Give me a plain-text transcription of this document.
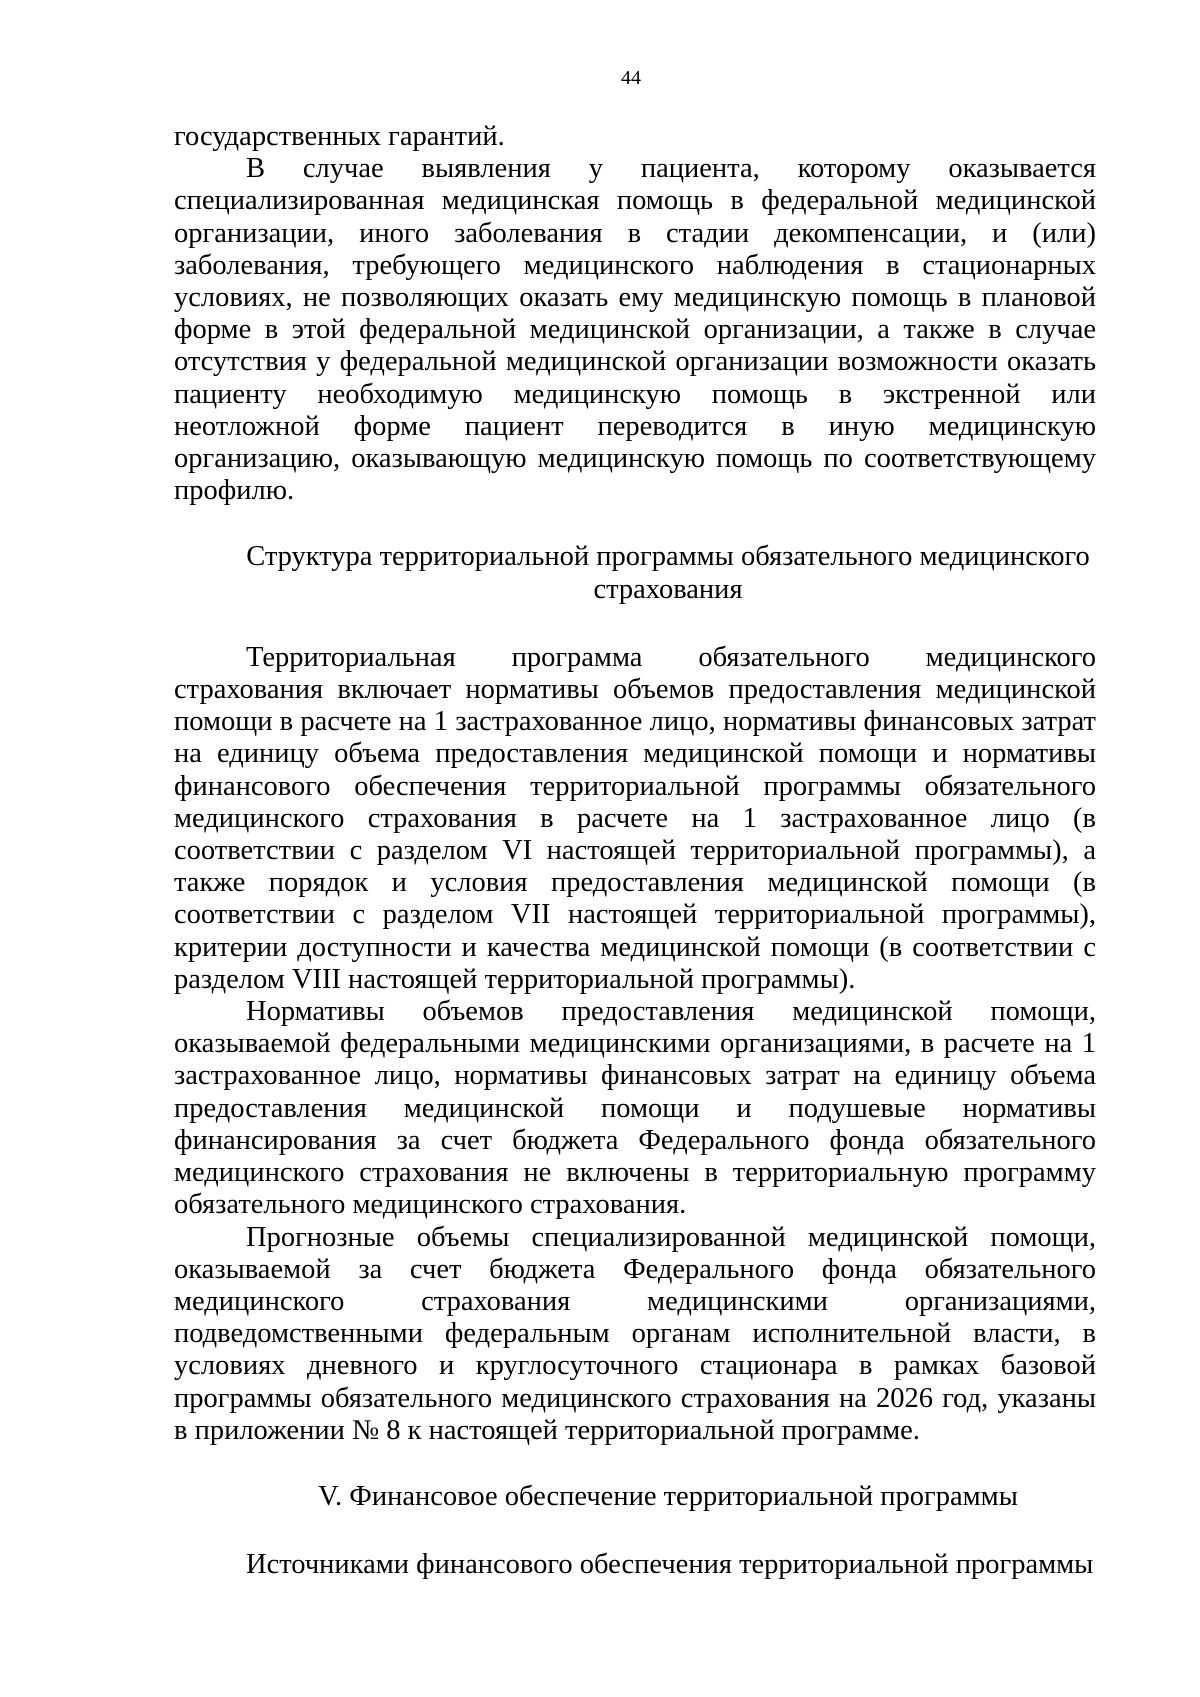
44

государственных гарантий.

В случае выявления у пациента, которому оказывается специализированная медицинская помощь в федеральной медицинской организации, иного заболевания в стадии декомпенсации, и (или) заболевания, требующего медицинского наблюдения в стационарных условиях, не позволяющих оказать ему медицинскую помощь в плановой форме в этой федеральной медицинской организации, а также в случае отсутствия у федеральной медицинской организации возможности оказать пациенту необходимую медицинскую помощь в экстренной или неотложной форме пациент переводится в иную медицинскую организацию, оказывающую медицинскую помощь по соответствующему профилю.

Структура территориальной программы обязательного медицинского страхования

Территориальная программа обязательного медицинского страхования включает нормативы объемов предоставления медицинской помощи в расчете на 1 застрахованное лицо, нормативы финансовых затрат на единицу объема предоставления медицинской помощи и нормативы финансового обеспечения территориальной программы обязательного медицинского страхования в расчете на 1 застрахованное лицо (в соответствии с разделом VI настоящей территориальной программы), а также порядок и условия предоставления медицинской помощи (в соответствии с разделом VII настоящей территориальной программы), критерии доступности и качества медицинской помощи (в соответствии с разделом VIII настоящей территориальной программы).

Нормативы объемов предоставления медицинской помощи, оказываемой федеральными медицинскими организациями, в расчете на 1 застрахованное лицо, нормативы финансовых затрат на единицу объема предоставления медицинской помощи и подушевые нормативы финансирования за счет бюджета Федерального фонда обязательного медицинского страхования не включены в территориальную программу обязательного медицинского страхования.

Прогнозные объемы специализированной медицинской помощи, оказываемой за счет бюджета Федерального фонда обязательного медицинского страхования медицинскими организациями, подведомственными федеральным органам исполнительной власти, в условиях дневного и круглосуточного стационара в рамках базовой программы обязательного медицинского страхования на 2026 год, указаны в приложении № 8 к настоящей территориальной программе.

V. Финансовое обеспечение территориальной программы

Источниками финансового обеспечения территориальной программы
